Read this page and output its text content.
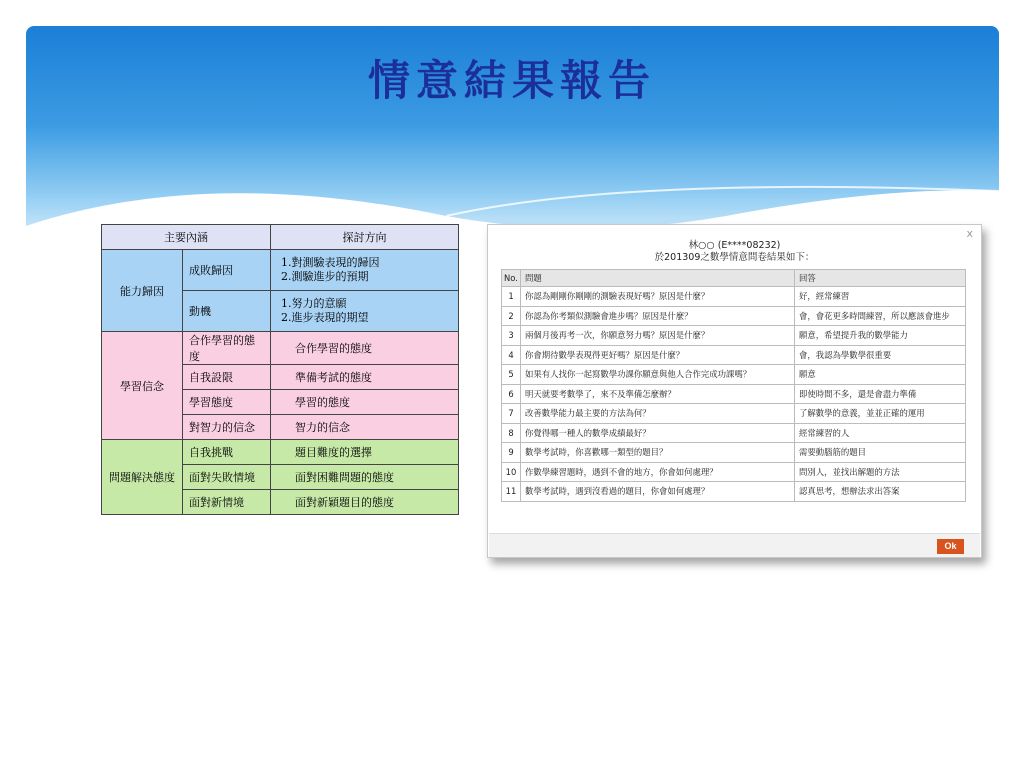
情意結果報告
主要內涵		探討方向
能力歸因	成敗歸因	1.對測驗表現的歸因
2.測驗進步的預期

	動機	1.努力的意願
2.進步表現的期望

學習信念	合作學習的態度	合作學習的態度
	自我設限	準備考試的態度
	學習態度	學習的態度
	對智力的信念	智力的信念
問題解決態度	自我挑戰	題目難度的選擇
	面對失敗情境	面對困難問題的態度
	面對新情境	面對新穎題目的態度
x
林○○ (E****08232)
於201309之數學情意問卷結果如下：
No.	問題	回答
1	你認為剛剛你剛剛的測驗表現好嗎？原因是什麼？	好，經常練習
2	你認為你考類似測驗會進步嗎？原因是什麼？	會，會花更多時間練習，所以應該會進步
3	兩個月後再考一次，你願意努力嗎？原因是什麼？	願意，希望提升我的數學能力
4	你會期待數學表現得更好嗎？原因是什麼？	會，我認為學數學很重要
5	如果有人找你一起寫數學功課你願意與他人合作完成功課嗎？	願意
6	明天就要考數學了，來不及準備怎麼辦？	即使時間不多，還是會盡力準備
7	改善數學能力最主要的方法為何？	了解數學的意義，並並正確的運用
8	你覺得哪一種人的數學成績最好？	經常練習的人
9	數學考試時，你喜歡哪一類型的題目？	需要動腦筋的題目
10	作數學練習題時，遇到不會的地方，你會如何處理？	問別人，並找出解題的方法
11	數學考試時，遇到沒看過的題目，你會如何處理？	認真思考，想辦法求出答案
Ok
